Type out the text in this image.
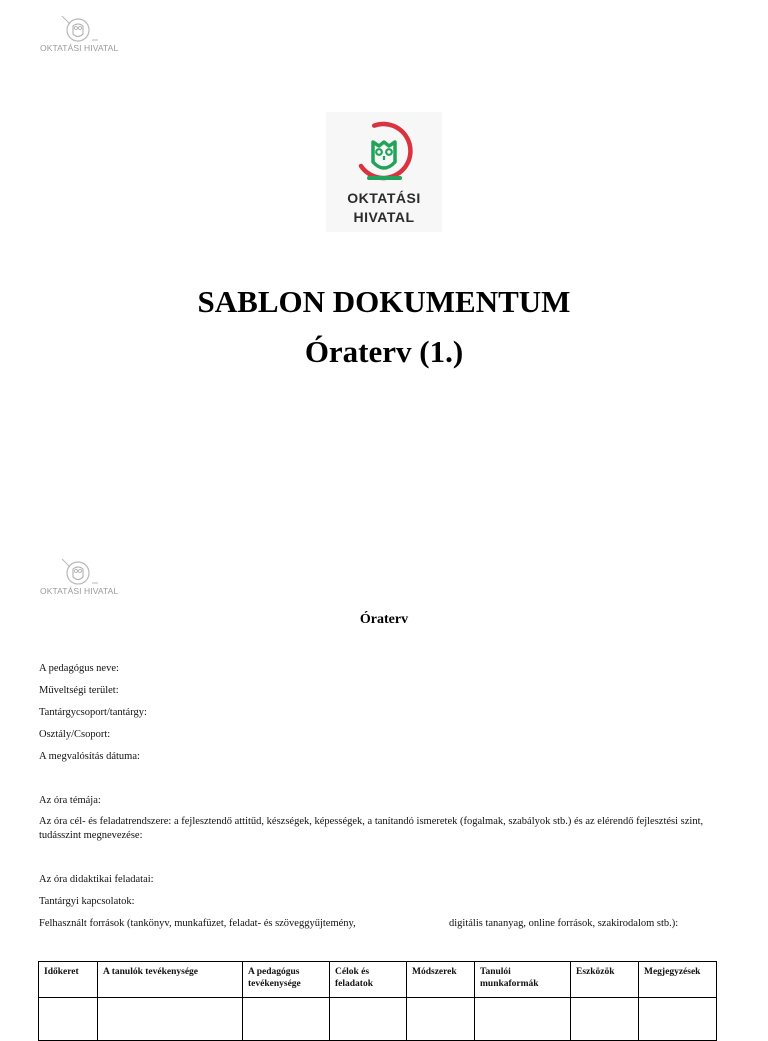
OKTATÁSI HIVATAL
OKTATÁSI
HIVATAL
SABLON DOKUMENTUM
Óraterv (1.)
OKTATÁSI HIVATAL
Óraterv
A pedagógus neve:
Műveltségi terület:
Tantárgycsoport/tantárgy:
Osztály/Csoport:
A megvalósítás dátuma:
Az óra témája:
Az óra cél- és feladatrendszere: a fejlesztendő attitűd, készségek, képességek, a tanítandó ismeretek (fogalmak, szabályok stb.) és az elérendő fejlesztési szint, tudásszint megnevezése:
Az óra didaktikai feladatai:
Tantárgyi kapcsolatok:
Felhasznált források (tankönyv, munkafüzet, feladat- és szöveggyűjtemény,	digitális tananyag, online források, szakirodalom stb.):
Időkeret	A tanulók tevékenysége	A pedagógus tevékenysége	Célok és feladatok	Módszerek	Tanulói munkaformák	Eszközök	Megjegyzések
